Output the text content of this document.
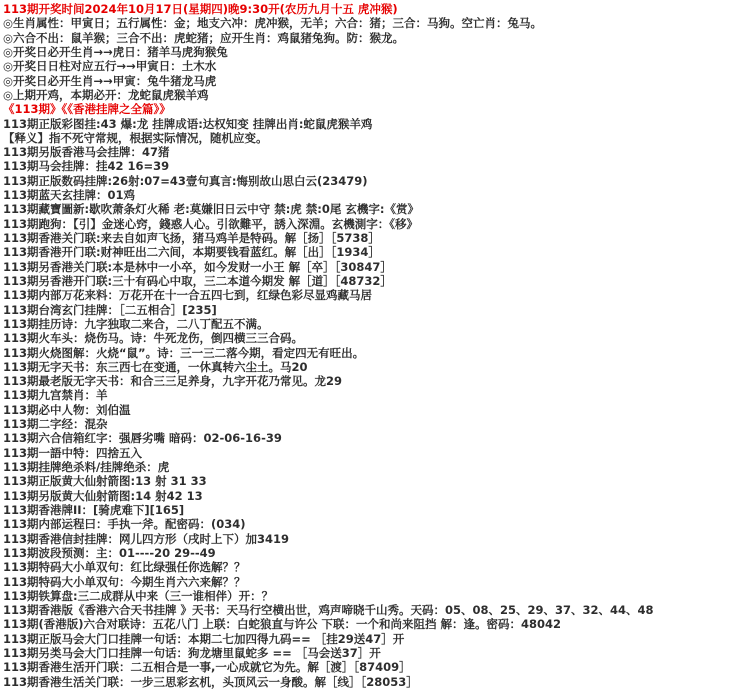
113期开奖时间2024年10月17日(星期四)晚9:30开(农历九月十五 虎冲猴)
◎生肖属性：甲寅日；五行属性：金；地支六冲：虎冲猴，无羊；六合：猪；三合：马狗。空亡肖：兔马。
◎六合不出：鼠羊猴；三合不出：虎蛇猪；应开生肖：鸡鼠猪兔狗。防：猴龙。
◎开奖日必开生肖→→虎日：猪羊马虎狗猴兔
◎开奖日日柱对应五行→→甲寅日：土木水
◎开奖日必开生肖→→甲寅：兔牛猪龙马虎
◎上期开鸡，本期必开：龙蛇鼠虎猴羊鸡
《113期》《《香港挂牌之全篇》》
113期正版彩图挂:43 爆:龙 挂牌成语:达权知变 挂牌出肖:蛇鼠虎猴羊鸡
【释义】指不死守常规，根据实际情况，随机应变。
113期另版香港马会挂牌：47猪
113期马会挂牌：挂42 16=39
113期正版数码挂牌:26射:07=43壹句真言:悔别故山思白云(23479)
113期蓝天玄挂牌：01鸡
113期藏寶圖新:歇吹萧条灯火稀 老:莫嫌旧日云中守 禁:虎 禁:0尾 玄機字:《赏》
113期跑狗：【引】金迷心窍，錢惑人心。引欲難平，誘入深淵。玄機測字：《移》
113期香港关门联:来去自如声飞扬，猪马鸡羊是特码。解［扬］［5738］
113期香港开门联:财神旺出二六间，本期要钱看蓝红。解［出］［1934］
113期另香港关门联:本是林中一小卒，如今发财一小王 解［卒］［30847］
113期另香港开门联:三十有码心中取，三二本道今期发 解［道］［48732］
113期内部万花来料：万花开在十一合五四七到，红绿色彩尽显鸡藏马居
113期台湾玄门挂牌：［二五相合］[235]
113期挂历诗：九字独取二来合，二八丁配五不满。
113期火车头：烧伤马。诗：牛死龙伤，倒四横三三合码。
113期火烧图解：火烧“鼠”。诗：三一三二落今期，看定四无有旺出。
113期无字天书：东三西七在变通，一休真转六尘土。马20
113期最老版无字天书：和合三三足养身，九字开花乃常见。龙29
113期九宫禁肖：羊
113期必中人物：刘伯温
113期二字经：混杂
113期六合信箱红字：强唇劣嘴 暗码：02-06-16-39
113期一語中特：四捨五入
113期挂牌绝杀料/挂牌绝杀：虎
113期正版黄大仙射箭图:13 射 31 33
113期另版黄大仙射箭图:14 射42 13
113期香港牌II：[骑虎难下][165]
113期内部运程曰：手执一斧。配密码：(034)
113期香港信封挂牌：网儿四方形（戌时上下）加3419
113期波段预测：主：01----20 29--49
113期特码大小单双句：红比绿强任你选解？？
113期特码大小单双句：今期生肖六六来解？？
113期铁算盘:三二成群从中来（三一谁相伴）开：？
113期香港版《香港六合天书挂牌 》天书：天马行空横出世，鸡声啼晓千山秀。天码：05、08、25、29、37、32、44、48
113期(香港版)六合对联诗：五花八门 上联：白蛇狼直与许公 下联：一个和尚来阻挡 解：逢。密码：48042
113期正版马会大门口挂牌一句话：本期二七加四得九码== ［挂29送47］开
113期另类马会大门口挂牌一句话：狗龙塘里鼠蛇多 == ［马会送37］开
113期香港生活开门联：二五相合是一事,一心成就它为先。解［渡］［87409］
113期香港生活关门联：一步三思彩玄机，头顶风云一身酸。解［线］［28053］
